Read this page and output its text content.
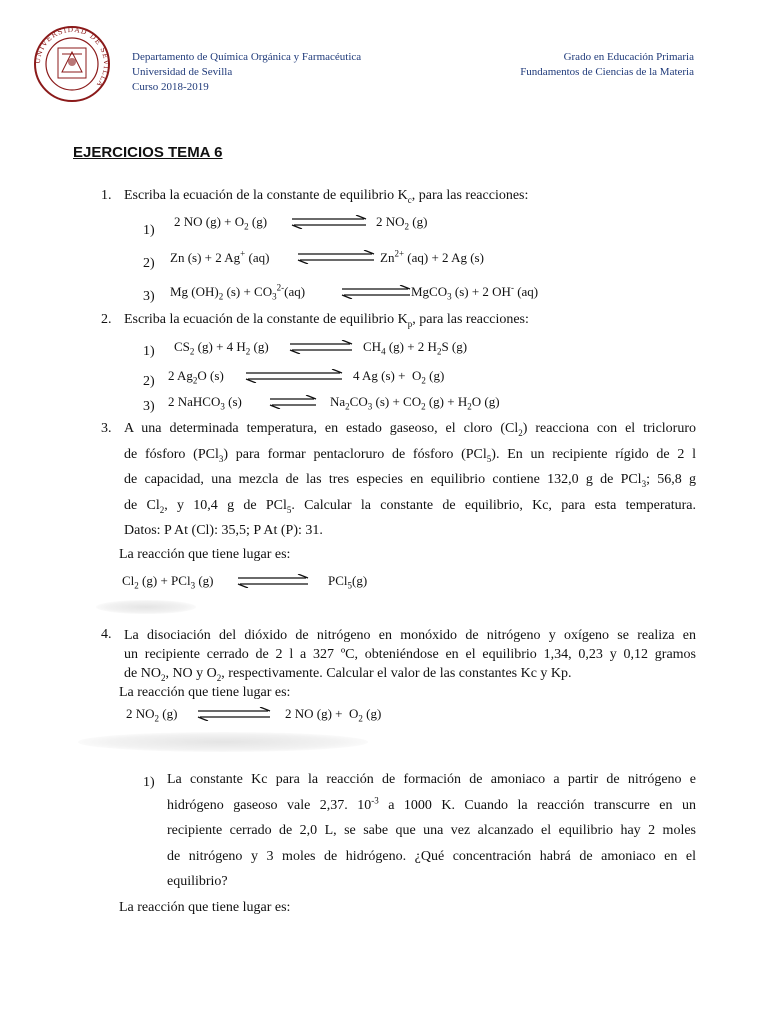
UNIVERSIDAD DE SEVILLA
Departamento de Química Orgánica y Farmacéutica
Universidad de Sevilla
Curso 2018-2019
Grado en Educación Primaria
Fundamentos de Ciencias de la Materia
EJERCICIOS TEMA 6
1. Escriba la ecuación de la constante de equilibrio $K_c$, para las reacciones:
1)
2 NO $(g) + O_2$ (g)	2 $NO_2$ (g)
2) Zn (s) + 2 Ag+ (aq)	$Zn^{2+}$ (aq) + 2 Ag (s)
3) Mg $(OH)_2$ $(s) + CO_3^{2-}(aq)$	MgCO$_3$ (s) + 2 OH- (aq)
2. Escriba la ecuación de la constante de equilibrio $K_p$, para las reacciones:
1) $CS_2$ (g) + 4 $H_2$ (g)	$CH_4$ (g) + 2 $H_2S$ (g)
2) 2 $Ag_2O$ (s)	4 Ag $(s) + O_2$ (g)
3) 2 NaHCO$_3$ (s) ⇌ $Na_2CO_3$ $(s) + CO_2$ $(g) + H_2O$ (g)
3. A una determinada temperatura, en estado gaseoso, el cloro $(Cl_2)$ reacciona con el tricloruro
de fósforo (PCl$_3$) para formar pentacloruro de fósforo (PCl$_5$). En un recipiente rígido de 2 l
de capacidad, una mezcla de las tres especies en equilibrio contiene 132,0 g de PCl$_3$; 56,8 g
de $Cl_2$, y 10,4 g de PCl$_5$. Calcular la constante de equilibrio, Kc, para esta temperatura.
Datos: P At (Cl): 35,5; P At (P): 31.
La reacción que tiene lugar es:
$Cl_2$ (g) + PCl$_3$ (g)	PCl$_5$(g)
4. La disociación del dióxido de nitrógeno en monóxido de nitrógeno y oxígeno se realiza en
un recipiente cerrado de 2 l a 327 ºC, obteniéndose en el equilibrio 1,34, 0,23 y 0,12 gramos
de $NO_2$, NO y $O_2$, respectivamente. Calcular el valor de las constantes Kc y Kp.
La reacción que tiene lugar es:
2 $NO_2$ (g)	2 NO $(g) + O_2$ (g)
1) La constante Kc para la reacción de formación de amoniaco a partir de nitrógeno e
hidrógeno gaseoso vale 2,37. $10^{-3}$ a 1000 K. Cuando la reacción transcurre en un
recipiente cerrado de 2,0 L, se sabe que una vez alcanzado el equilibrio hay 2 moles
de nitrógeno y 3 moles de hidrógeno. ¿Qué concentración habrá de amoniaco en el
equilibrio?
La reacción que tiene lugar es:
